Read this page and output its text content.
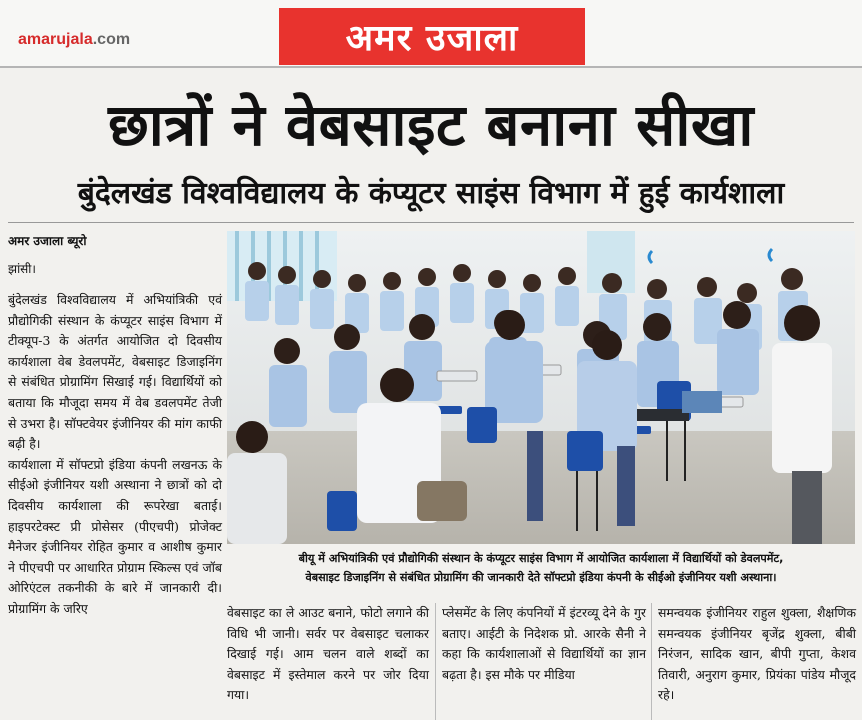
amarujala.com	अमर उजाला
छात्रों ने वेबसाइट बनाना सीखा
बुंदेलखंड विश्वविद्यालय के कंप्यूटर साइंस विभाग में हुई कार्यशाला
अमर उजाला ब्यूरो
झांसी।

बुंदेलखंड विश्वविद्यालय में अभियांत्रिकी एवं प्रौद्योगिकी संस्थान के कंप्यूटर साइंस विभाग में टीक्यूप-3 के अंतर्गत आयोजित दो दिवसीय कार्यशाला वेब डेवलपमेंट, वेबसाइट डिजाइनिंग से संबंधित प्रोग्रामिंग सिखाई गई। विद्यार्थियों को बताया कि मौजूदा समय में वेब डवलपमेंट तेजी से उभरा है। सॉफ्टवेयर इंजीनियर की मांग काफी बढ़ी है।

कार्यशाला में सॉफ्टप्रो इंडिया कंपनी लखनऊ के सीईओ इंजीनियर यशी अस्थाना ने छात्रों को दो दिवसीय कार्यशाला की रूपरेखा बताई। हाइपरटेक्स्ट प्री प्रोसेसर (पीएचपी) प्रोजेक्ट मैनेजर इंजीनियर रोहित कुमार व आशीष कुमार ने पीएचपी पर आधारित प्रोग्राम स्किल्स एवं जॉब ओरिएंटल तकनीकी के बारे में जानकारी दी। प्रोग्रामिंग के जरिए

बीयू में अभियांत्रिकी एवं प्रौद्योगिकी संस्थान के कंप्यूटर साइंस विभाग में आयोजित कार्यशाला में विद्यार्थियों को डेवलपमेंट,
वेबसाइट डिजाइनिंग से संबंधित प्रोग्रामिंग की जानकारी देते सॉफ्टप्रो इंडिया कंपनी के सीईओ इंजीनियर यशी अस्थाना।

वेबसाइट का ले आउट बनाने, फोटो लगाने की विधि भी जानी। सर्वर पर वेबसाइट चलाकर दिखाई गई। आम चलन वाले शब्दों का वेबसाइट में इस्तेमाल करने पर जोर दिया गया।

प्लेसमेंट के लिए कंपनियों में इंटरव्यू देने के गुर बताए। आईटी के निदेशक प्रो. आरके सैनी ने कहा कि कार्यशालाओं से विद्यार्थियों का ज्ञान बढ़ता है। इस मौके पर मीडिया

समन्वयक इंजीनियर राहुल शुक्ला, शैक्षणिक समन्वयक इंजीनियर बृजेंद्र शुक्ला, बीबी निरंजन, सादिक खान, बीपी गुप्ता, केशव तिवारी, अनुराग कुमार, प्रियंका पांडेय मौजूद रहे।
